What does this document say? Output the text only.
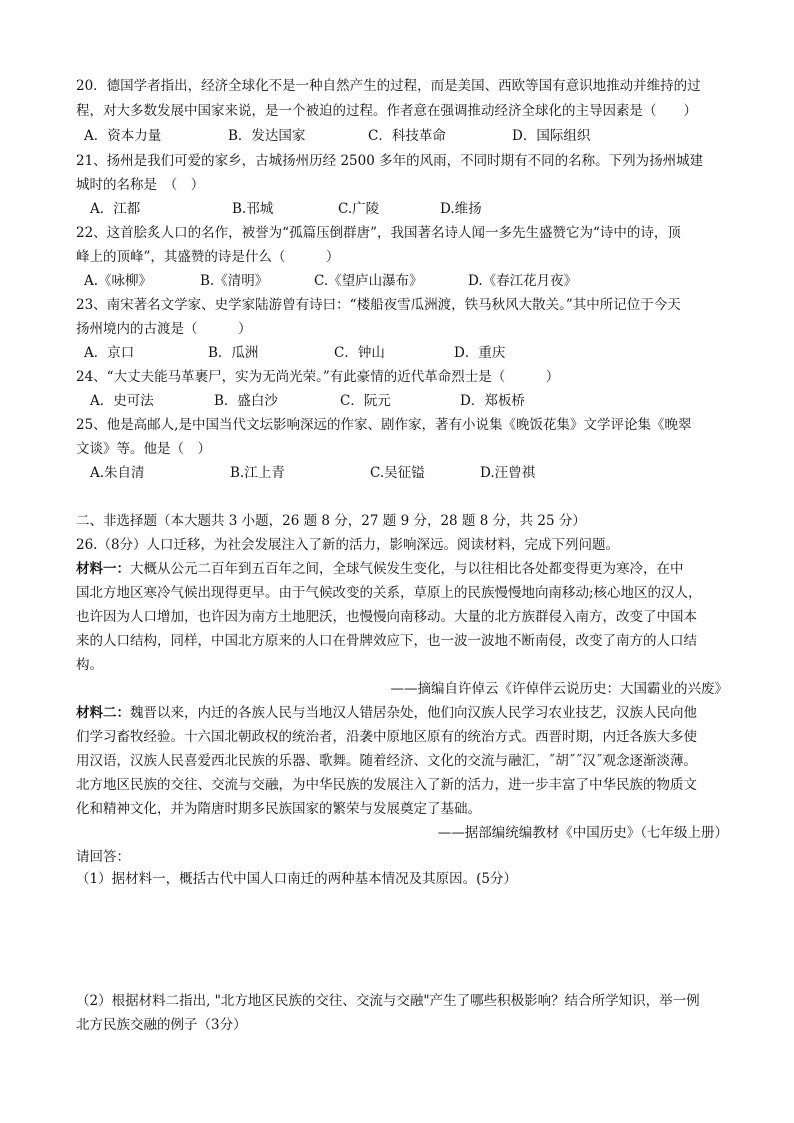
20．德国学者指出，经济全球化不是一种自然产生的过程，而是美国、西欧等国有意识地推动并维持的过
程，对大多数发展中国家来说，是一个被迫的过程。作者意在强调推动经济全球化的主导因素是（　　）
A．资本力量	B．发达国家	C．科技革命	D．国际组织
21、扬州是我们可爱的家乡，古城扬州历经 2500 多年的风雨，不同时期有不同的名称。下列为扬州城建
城时的名称是　（　）
A．江都	B.邗城	C.广陵	D.维扬
22、这首脍炙人口的名作，被誉为“孤篇压倒群唐”，我国著名诗人闻一多先生盛赞它为“诗中的诗，顶
峰上的顶峰”，其盛赞的诗是什么（　　　）
A.《咏柳》	B.《清明》	C.《望庐山瀑布》	D.《春江花月夜》
23、南宋著名文学家、史学家陆游曾有诗曰：“楼船夜雪瓜洲渡，铁马秋风大散关。”其中所记位于今天
扬州境内的古渡是（　　　）
A．京口	B．瓜洲	C．钟山	D．重庆
24、“大丈夫能马革裹尸，实为无尚光荣。”有此豪情的近代革命烈士是（　　　）
A．史可法	B．盛白沙	C．阮元	D．郑板桥
25、他是高邮人,是中国当代文坛影响深远的作家、剧作家，著有小说集《晚饭花集》文学评论集《晚翠
文谈》等。他是（　）
A.朱自清	B.江上青	C.吴征镒	D.汪曾祺
二、非选择题（本大题共 3 小题，26 题 8 分，27 题 9 分，28 题 8 分，共 25 分）
26.（8分）人口迁移，为社会发展注入了新的活力，影响深远。阅读材料，完成下列问题。
材料一：大概从公元二百年到五百年之间，全球气候发生变化，与以往相比各处都变得更为寒冷，在中
国北方地区寒冷气候出现得更早。由于气候改变的关系，草原上的民族慢慢地向南移动;核心地区的汉人，
也许因为人口增加，也许因为南方土地肥沃，也慢慢向南移动。大量的北方族群侵入南方，改变了中国本
来的人口结构，同样，中国北方原来的人口在骨牌效应下，也一波一波地不断南侵，改变了南方的人口结
构。
——摘编自许倬云《许倬伴云说历史：大国霸业的兴废》
材料二：魏晋以来，内迁的各族人民与当地汉人错居杂处，他们向汉族人民学习农业技艺，汉族人民向他
们学习畜牧经验。十六国北朝政权的统治者，沿袭中原地区原有的统治方式。西晋时期，内迁各族大多使
用汉语，汉族人民喜爱西北民族的乐器、歌舞。随着经济、文化的交流与融汇，˝胡˝˝汉˝观念逐渐淡薄。
北方地区民族的交往、交流与交融，为中华民族的发展注入了新的活力，进一步丰富了中华民族的物质文
化和精神文化，并为隋唐时期多民族国家的繁荣与发展奠定了基础。
——据部编统编教材《中国历史》（七年级上册）
请回答：
（1）据材料一，概括古代中国人口南迁的两种基本情况及其原因。(5分）
（2）根据材料二指出, "北方地区民族的交往、交流与交融"产生了哪些积极影响？结合所学知识，举一例
北方民族交融的例子（3分）
